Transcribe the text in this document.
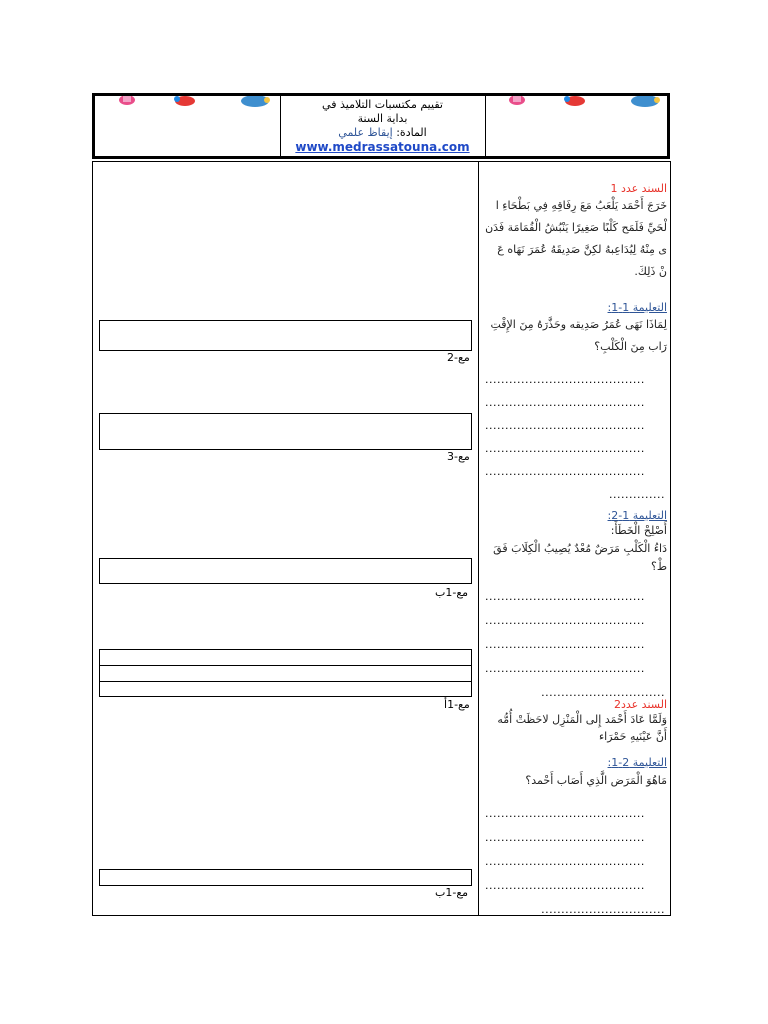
تقييم مكتسبات التلاميذ في
بداية السنة
المادة: إيقاظ علمي
www.medrassatouna.com
السند عدد 1
خَرَجَ أَحْمَد يَلْعَبُ مَعَ رِفَاقِهِ فِي بَطْحَاءِ ا
لْحَيِّ فَلَمَح كَلْبًا صَغِيرًا يَنْبُشُ الْقُمَامَة فَدَن
ى مِنْهُ لِيُدَاعِبهُ لكِنَّ صَدِيقَهُ عُمَرَ نَهَاه عَ
نْ ذَلِكَ.
التعليمة 1-1:
لِمَاذَا نَهَى عُمَرُ صَدِيقه وحَذَّرَهُ مِنَ الإِقْتِ
رَاب مِنَ الْكَلْبِ؟
........................................
........................................
........................................
........................................
........................................
..............
التعليمة 1-2:
أَصْلِحْ الْخَطَأَ:
دَاءُ الْكَلْبِ مَرَضٌ مُعْدٌ يُصِيبُ الْكِلَابَ فَقَ
طْ؟
........................................
........................................
........................................
........................................
...............................
السند عدد2
وَلَمَّا عَادَ أَحْمَد إِلى الْمَنْزِل لاحَظَتْ أُمُّه
أَنَّ عَيْنَيهِ حَمْرَاء
التعليمة 2-1:
مَاهُوَ الْمَرَض الَّذِي أَصَاب أَحْمد؟
........................................
........................................
........................................
........................................
...............................
مع-2
مع-3
مع-1ب
مع-1أ
مع-1ب
